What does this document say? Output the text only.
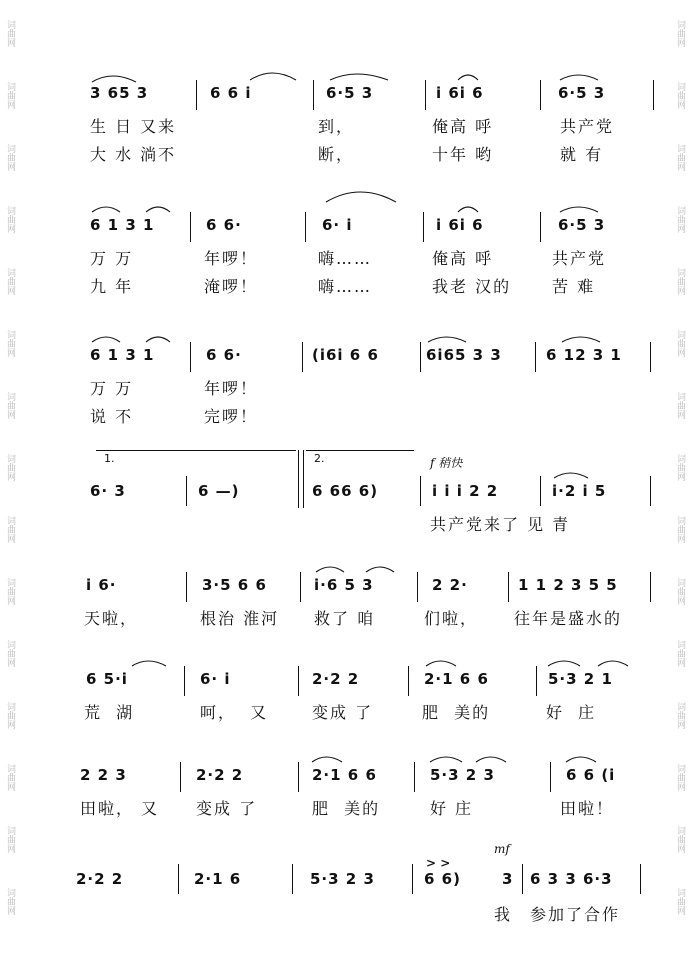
词曲网
词曲网
词曲网
词曲网
词曲网
词曲网
词曲网
词曲网
词曲网
词曲网
词曲网
词曲网
词曲网
词曲网
词曲网
词曲网
词曲网
词曲网
词曲网
词曲网
词曲网
词曲网
词曲网
词曲网
词曲网
词曲网
词曲网
词曲网
词曲网
词曲网
3 65 3	6 6 i	6·5 3	i 6i 6	6·5 3
生 日 又来	到，	俺高 呼	共产党
大 水 淌不	断，	十年 哟	就 有
6 1 3 1	6 6·	6· i	i 6i 6	6·5 3
万 万	年啰！	嗨……	俺高 呼	共产党
九 年	淹啰！	嗨……	我老 汉的	苦 难
6 1 3 1	6 6·	(i6i 6 6	6i65 3 3	6 12 3 1
万 万	年啰！
说 不	完啰！
1.	2.	f 稍快
6· 3	6 —)	6 66 6)	i i i 2 2	i·2 i 5
共产党来了 见 青
i 6·	3·5 6 6	i·6 5 3	2 2·	1 1 2 3 5 5
天啦，	根治 淮河 救了 咱	们啦， 往年是盛水的
6 5·i	6· i	2·2 2	2·1 6 6	5·3 2 1
荒  湖	呵，  又	变成 了	肥  美的	好  庄
2 2 3	2·2 2	2·1 6 6	5·3 2 3	6 6 (i
田啦， 又 变成 了	肥  美的	好 庄	田啦！
mf
> >
2·2 2	2·1 6	5·3 2 3	6 6)	3 6 3 3 6·3
我 参加了合作
